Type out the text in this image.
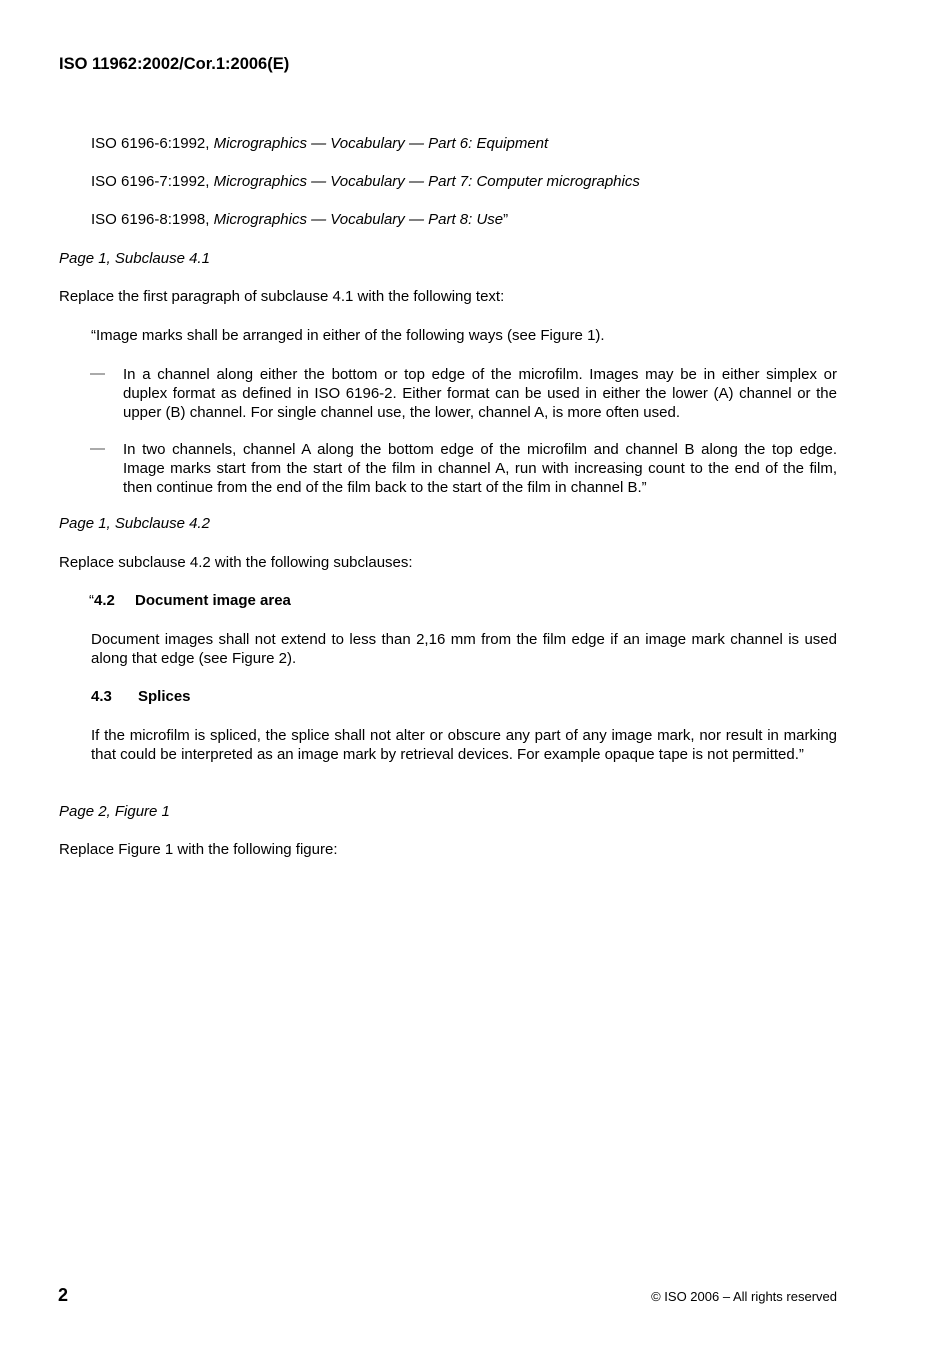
ISO 11962:2002/Cor.1:2006(E)
ISO 6196-6:1992, Micrographics — Vocabulary — Part 6: Equipment
ISO 6196-7:1992, Micrographics — Vocabulary — Part 7: Computer micrographics
ISO 6196-8:1998, Micrographics — Vocabulary — Part 8: Use”
Page 1, Subclause 4.1
Replace the first paragraph of subclause 4.1 with the following text:
“Image marks shall be arranged in either of the following ways (see Figure 1).
— In a channel along either the bottom or top edge of the microfilm. Images may be in either simplex or duplex format as defined in ISO 6196-2. Either format can be used in either the lower (A) channel or the upper (B) channel. For single channel use, the lower, channel A, is more often used.
— In two channels, channel A along the bottom edge of the microfilm and channel B along the top edge. Image marks start from the start of the film in channel A, run with increasing count to the end of the film, then continue from the end of the film back to the start of the film in channel B.”
Page 1, Subclause 4.2
Replace subclause 4.2 with the following subclauses:
“4.2 Document image area
Document images shall not extend to less than 2,16 mm from the film edge if an image mark channel is used along that edge (see Figure 2).
4.3 Splices
If the microfilm is spliced, the splice shall not alter or obscure any part of any image mark, nor result in marking that could be interpreted as an image mark by retrieval devices. For example opaque tape is not permitted.”
Page 2, Figure 1
Replace Figure 1 with the following figure:
2	© ISO 2006 – All rights reserved
